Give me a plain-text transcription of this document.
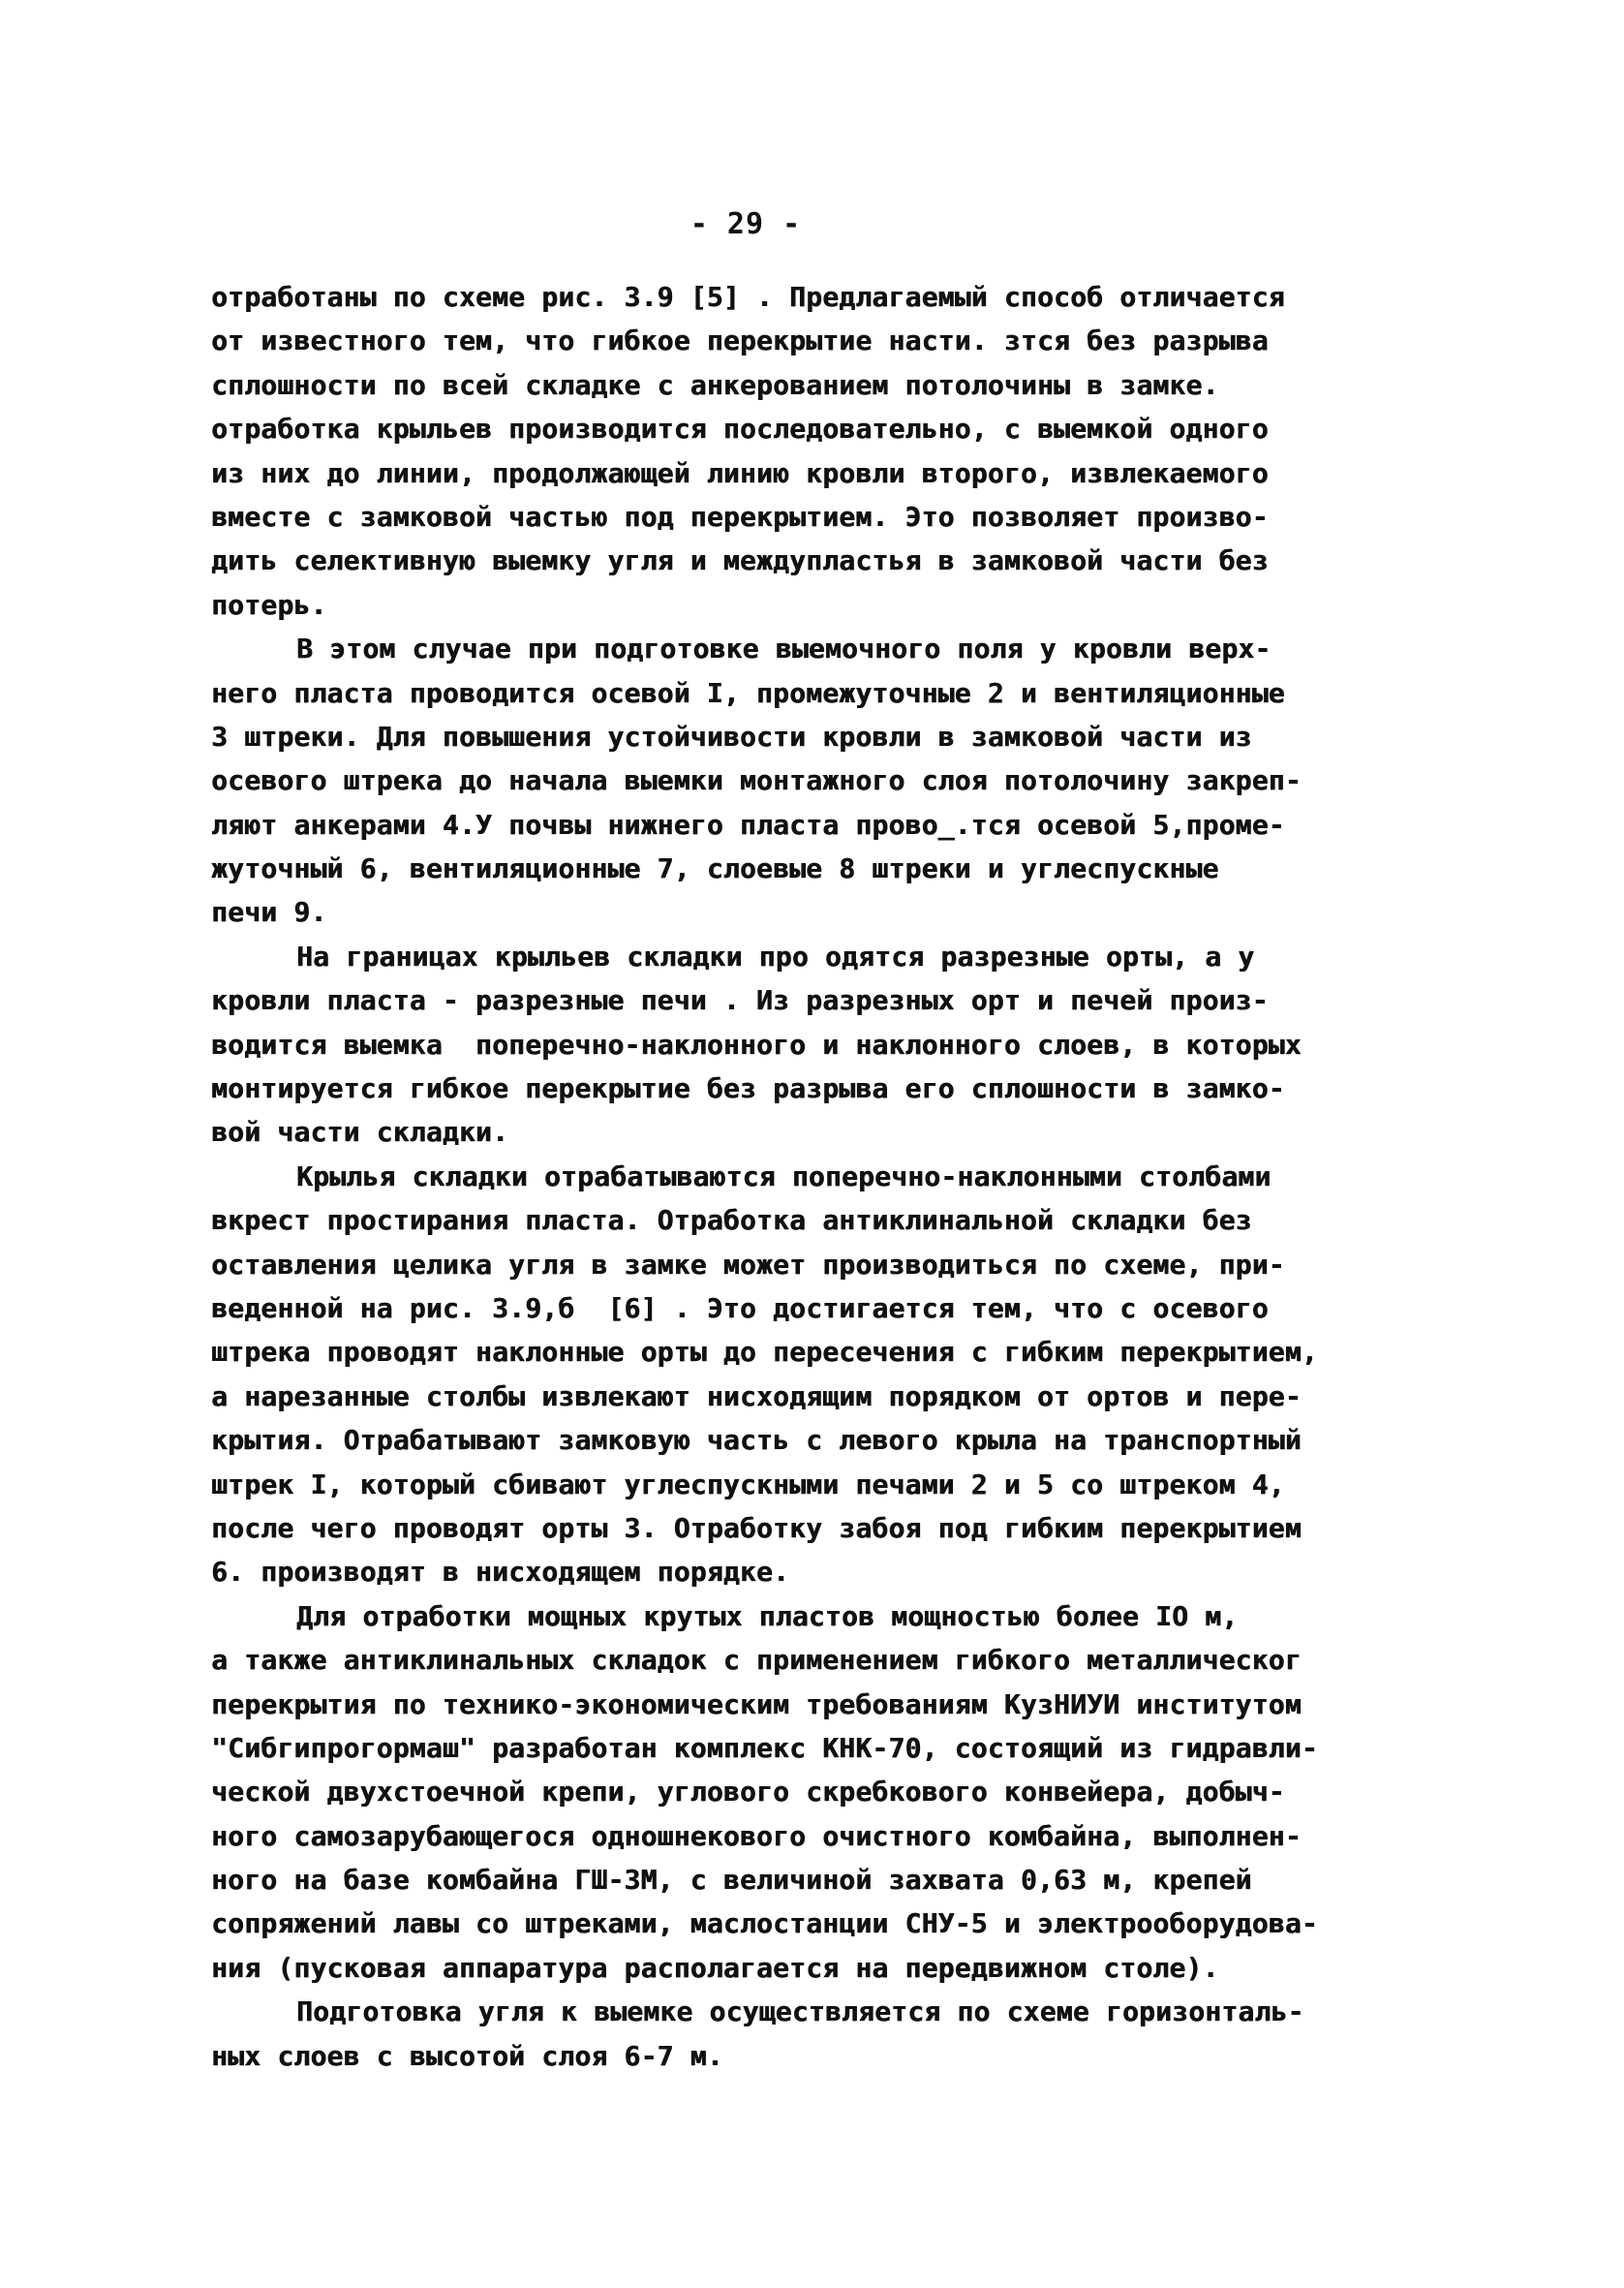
- 29 -
отработаны по схеме рис. 3.9 [5] . Предлагаемый способ отличается
от известного тем, что гибкое перекрытие насти. зтся без разрыва
сплошности по всей складке с анкерованием потолочины в замке.
отработка крыльев производится последовательно, с выемкой одного
из них до линии, продолжающей линию кровли второго, извлекаемого
вместе с замковой частью под перекрытием. Это позволяет произво-
дить селективную выемку угля и междупластья в замковой части без
потерь.
В этом случае при подготовке выемочного поля у кровли верх-
него пласта проводится осевой I, промежуточные 2 и вентиляционные
3 штреки. Для повышения устойчивости кровли в замковой части из
осевого штрека до начала выемки монтажного слоя потолочину закреп-
ляют анкерами 4.У почвы нижнего пласта прово_.тся осевой 5,проме-
жуточный 6, вентиляционные 7, слоевые 8 штреки и углеспускные
печи 9.
На границах крыльев складки про одятся разрезные орты, а у
кровли пласта - разрезные печи . Из разрезных орт и печей произ-
водится выемка  поперечно-наклонного и наклонного слоев, в которых
монтируется гибкое перекрытие без разрыва его сплошности в замко-
вой части складки.
Крылья складки отрабатываются поперечно-наклонными столбами
вкрест простирания пласта. Отработка антиклинальной складки без
оставления целика угля в замке может производиться по схеме, при-
веденной на рис. 3.9,б  [6] . Это достигается тем, что с осевого
штрека проводят наклонные орты до пересечения с гибким перекрытием,
а нарезанные столбы извлекают нисходящим порядком от ортов и пере-
крытия. Отрабатывают замковую часть с левого крыла на транспортный
штрек I, который сбивают углеспускными печами 2 и 5 со штреком 4,
после чего проводят орты 3. Отработку забоя под гибким перекрытием
6. производят в нисходящем порядке.
Для отработки мощных крутых пластов мощностью более IO м,
а также антиклинальных складок с применением гибкого металлическог
перекрытия по технико-экономическим требованиям КузНИУИ институтом
"Сибгипрогормаш" разработан комплекс КНК-70, состоящий из гидравли-
ческой двухстоечной крепи, углового скребкового конвейера, добыч-
ного самозарубающегося одношнекового очистного комбайна, выполнен-
ного на базе комбайна ГШ-3М, с величиной захвата 0,63 м, крепей
сопряжений лавы со штреками, маслостанции СНУ-5 и электрооборудова-
ния (пусковая аппаратура располагается на передвижном столе).
Подготовка угля к выемке осуществляется по схеме горизонталь-
ных слоев с высотой слоя 6-7 м.
